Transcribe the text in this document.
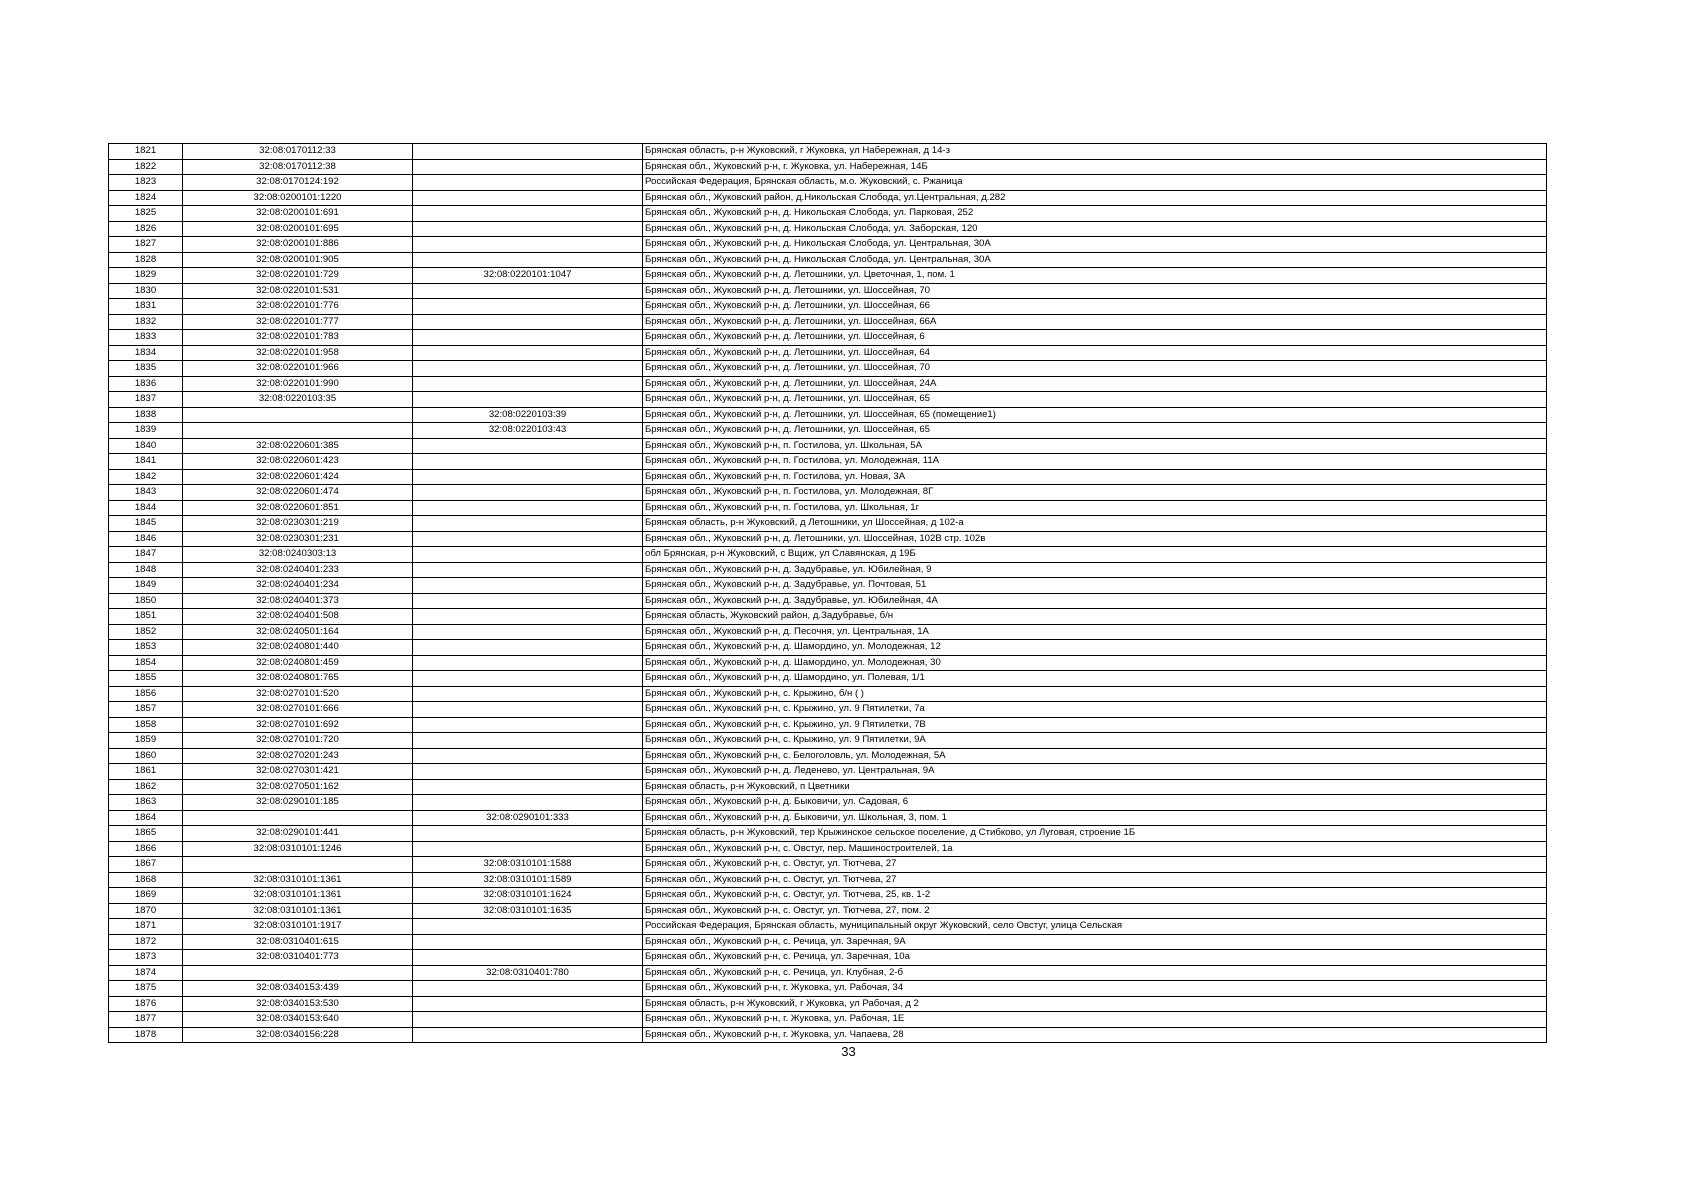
1821	32:08:0170112:33		Брянская область, р-н Жуковский, г Жуковка, ул Набережная, д 14-з
1822	32:08:0170112:38		Брянская обл., Жуковский р-н, г. Жуковка, ул. Набережная, 14Б
1823	32:08:0170124:192		Российская Федерация, Брянская область, м.о. Жуковский, с. Ржаница
1824	32:08:0200101:1220		Брянская обл., Жуковский район, д.Никольская Слобода, ул.Центральная, д.282
1825	32:08:0200101:691		Брянская обл., Жуковский р-н, д. Никольская Слобода, ул. Парковая, 252
1826	32:08:0200101:695		Брянская обл., Жуковский р-н, д. Никольская Слобода, ул. Заборская, 120
1827	32:08:0200101:886		Брянская обл., Жуковский р-н, д. Никольская Слобода, ул. Центральная, 30А
1828	32:08:0200101:905		Брянская обл., Жуковский р-н, д. Никольская Слобода, ул. Центральная, 30А
1829	32:08:0220101:729	32:08:0220101:1047	Брянская обл., Жуковский р-н, д. Летошники, ул. Цветочная, 1, пом. 1
1830	32:08:0220101:531		Брянская обл., Жуковский р-н, д. Летошники, ул. Шоссейная, 70
1831	32:08:0220101:776		Брянская обл., Жуковский р-н, д. Летошники, ул. Шоссейная, 66
1832	32:08:0220101:777		Брянская обл., Жуковский р-н, д. Летошники, ул. Шоссейная, 66А
1833	32:08:0220101:783		Брянская обл., Жуковский р-н, д. Летошники, ул. Шоссейная, 6
1834	32:08:0220101:958		Брянская обл., Жуковский р-н, д. Летошники, ул. Шоссейная, 64
1835	32:08:0220101:966		Брянская обл., Жуковский р-н, д. Летошники, ул. Шоссейная, 70
1836	32:08:0220101:990		Брянская обл., Жуковский р-н, д. Летошники, ул. Шоссейная, 24А
1837	32:08:0220103:35		Брянская обл., Жуковский р-н, д. Летошники, ул. Шоссейная, 65
1838		32:08:0220103:39	Брянская обл., Жуковский р-н, д. Летошники, ул. Шоссейная, 65 (помещение1)
1839		32:08:0220103:43	Брянская обл., Жуковский р-н, д. Летошники, ул. Шоссейная, 65
1840	32:08:0220601:385		Брянская обл., Жуковский р-н, п. Гостилова, ул. Школьная, 5А
1841	32:08:0220601:423		Брянская обл., Жуковский р-н, п. Гостилова, ул. Молодежная, 11А
1842	32:08:0220601:424		Брянская обл., Жуковский р-н, п. Гостилова, ул. Новая, 3А
1843	32:08:0220601:474		Брянская обл., Жуковский р-н, п. Гостилова, ул. Молодежная, 8Г
1844	32:08:0220601:851		Брянская обл., Жуковский р-н, п. Гостилова, ул. Школьная, 1г
1845	32:08:0230301:219		Брянская область, р-н Жуковский, д Летошники, ул Шоссейная, д 102-а
1846	32:08:0230301:231		Брянская обл., Жуковский р-н, д. Летошники, ул. Шоссейная, 102В стр. 102в
1847	32:08:0240303:13		обл Брянская, р-н Жуковский, с Вщиж, ул Славянская, д 19Б
1848	32:08:0240401:233		Брянская обл., Жуковский р-н, д. Задубравье, ул. Юбилейная, 9
1849	32:08:0240401:234		Брянская обл., Жуковский р-н, д. Задубравье, ул. Почтовая, 51
1850	32:08:0240401:373		Брянская обл., Жуковский р-н, д. Задубравье, ул. Юбилейная, 4А
1851	32:08:0240401:508		Брянская область, Жуковский район, д.Задубравье, б/н
1852	32:08:0240501:164		Брянская обл., Жуковский р-н, д. Песочня, ул. Центральная, 1А
1853	32:08:0240801:440		Брянская обл., Жуковский р-н, д. Шамордино, ул. Молодежная, 12
1854	32:08:0240801:459		Брянская обл., Жуковский р-н, д. Шамордино, ул. Молодежная, 30
1855	32:08:0240801:765		Брянская обл., Жуковский р-н, д. Шамордино, ул. Полевая, 1/1
1856	32:08:0270101:520		Брянская обл., Жуковский р-н, с. Крыжино, б/н ( )
1857	32:08:0270101:666		Брянская обл., Жуковский р-н, с. Крыжино, ул. 9 Пятилетки, 7а
1858	32:08:0270101:692		Брянская обл., Жуковский р-н, с. Крыжино, ул. 9 Пятилетки, 7В
1859	32:08:0270101:720		Брянская обл., Жуковский р-н, с. Крыжино, ул. 9 Пятилетки, 9А
1860	32:08:0270201:243		Брянская обл., Жуковский р-н, с. Белоголовль, ул. Молодежная, 5А
1861	32:08:0270301:421		Брянская обл., Жуковский р-н, д. Леденево, ул. Центральная, 9А
1862	32:08:0270501:162		Брянская область, р-н Жуковский, п Цветники
1863	32:08:0290101:185		Брянская обл., Жуковский р-н, д. Быковичи, ул. Садовая, 6
1864		32:08:0290101:333	Брянская обл., Жуковский р-н, д. Быковичи, ул. Школьная, 3, пом. 1
1865	32:08:0290101:441		Брянская область, р-н Жуковский, тер Крыжинское сельское поселение, д Стибково, ул Луговая, строение 1Б
1866	32:08:0310101:1246		Брянская обл., Жуковский р-н, с. Овстуг, пер. Машиностроителей, 1а
1867		32:08:0310101:1588	Брянская обл., Жуковский р-н, с. Овстуг, ул. Тютчева, 27
1868	32:08:0310101:1361	32:08:0310101:1589	Брянская обл., Жуковский р-н, с. Овстуг, ул. Тютчева, 27
1869	32:08:0310101:1361	32:08:0310101:1624	Брянская обл., Жуковский р-н, с. Овстуг, ул. Тютчева, 25, кв. 1-2
1870	32:08:0310101:1361	32:08:0310101:1635	Брянская обл., Жуковский р-н, с. Овстуг, ул. Тютчева, 27, пом. 2
1871	32:08:0310101:1917		Российская Федерация, Брянская область, муниципальный округ Жуковский, село Овстуг, улица Сельская
1872	32:08:0310401:615		Брянская обл., Жуковский р-н, с. Речица, ул. Заречная, 9А
1873	32:08:0310401:773		Брянская обл., Жуковский р-н, с. Речица, ул. Заречная, 10а
1874		32:08:0310401:780	Брянская обл., Жуковский р-н, с. Речица, ул. Клубная, 2-б
1875	32:08:0340153:439		Брянская обл., Жуковский р-н, г. Жуковка, ул. Рабочая, 34
1876	32:08:0340153:530		Брянская область, р-н Жуковский, г Жуковка, ул Рабочая, д 2
1877	32:08:0340153:640		Брянская обл., Жуковский р-н, г. Жуковка, ул. Рабочая, 1Е
1878	32:08:0340156:228		Брянская обл., Жуковский р-н, г. Жуковка, ул. Чапаева, 28
33
